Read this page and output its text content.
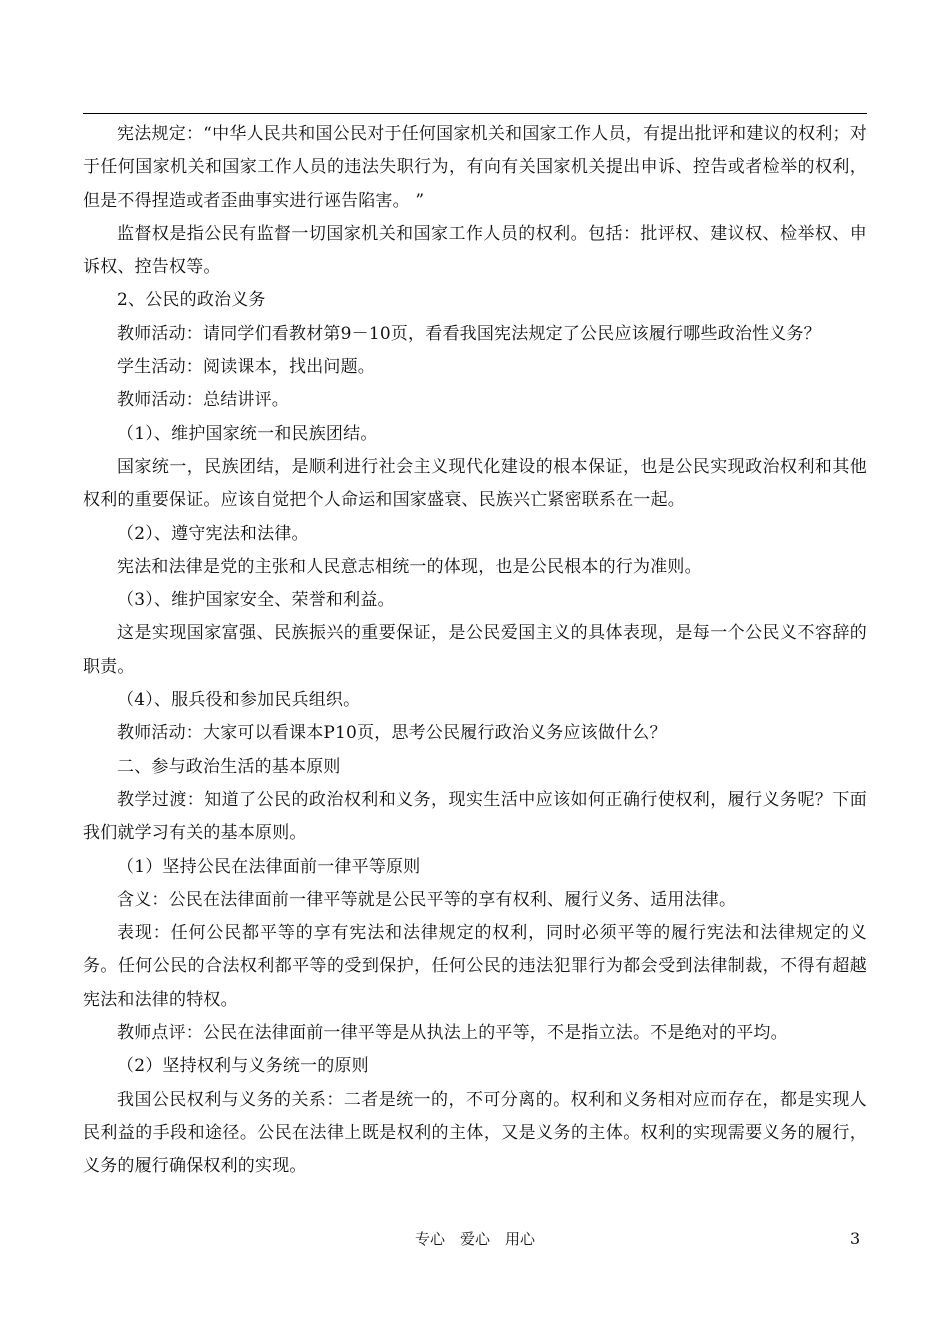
宪法规定：“中华人民共和国公民对于任何国家机关和国家工作人员，有提出批评和建议的权利；对于任何国家机关和国家工作人员的违法失职行为，有向有关国家机关提出申诉、控告或者检举的权利，但是不得捏造或者歪曲事实进行诬告陷害。 ”

监督权是指公民有监督一切国家机关和国家工作人员的权利。包括：批评权、建议权、检举权、申诉权、控告权等。

2、公民的政治义务

教师活动：请同学们看教材第9－10页，看看我国宪法规定了公民应该履行哪些政治性义务？

学生活动：阅读课本，找出问题。

教师活动：总结讲评。

（1）、维护国家统一和民族团结。

国家统一，民族团结，是顺利进行社会主义现代化建设的根本保证，也是公民实现政治权利和其他权利的重要保证。应该自觉把个人命运和国家盛衰、民族兴亡紧密联系在一起。

（2）、遵守宪法和法律。

宪法和法律是党的主张和人民意志相统一的体现，也是公民根本的行为准则。

（3）、维护国家安全、荣誉和利益。

这是实现国家富强、民族振兴的重要保证，是公民爱国主义的具体表现，是每一个公民义不容辞的职责。

（4）、服兵役和参加民兵组织。

教师活动：大家可以看课本P10页，思考公民履行政治义务应该做什么？

二、参与政治生活的基本原则

教学过渡：知道了公民的政治权利和义务，现实生活中应该如何正确行使权利，履行义务呢？下面我们就学习有关的基本原则。

（1）坚持公民在法律面前一律平等原则

含义：公民在法律面前一律平等就是公民平等的享有权利、履行义务、适用法律。

表现：任何公民都平等的享有宪法和法律规定的权利，同时必须平等的履行宪法和法律规定的义务。任何公民的合法权利都平等的受到保护，任何公民的违法犯罪行为都会受到法律制裁，不得有超越宪法和法律的特权。

教师点评：公民在法律面前一律平等是从执法上的平等，不是指立法。不是绝对的平均。

（2）坚持权利与义务统一的原则

我国公民权利与义务的关系：二者是统一的，不可分离的。权利和义务相对应而存在，都是实现人民利益的手段和途径。公民在法律上既是权利的主体，又是义务的主体。权利的实现需要义务的履行，义务的履行确保权利的实现。

专心　爱心　用心	3
